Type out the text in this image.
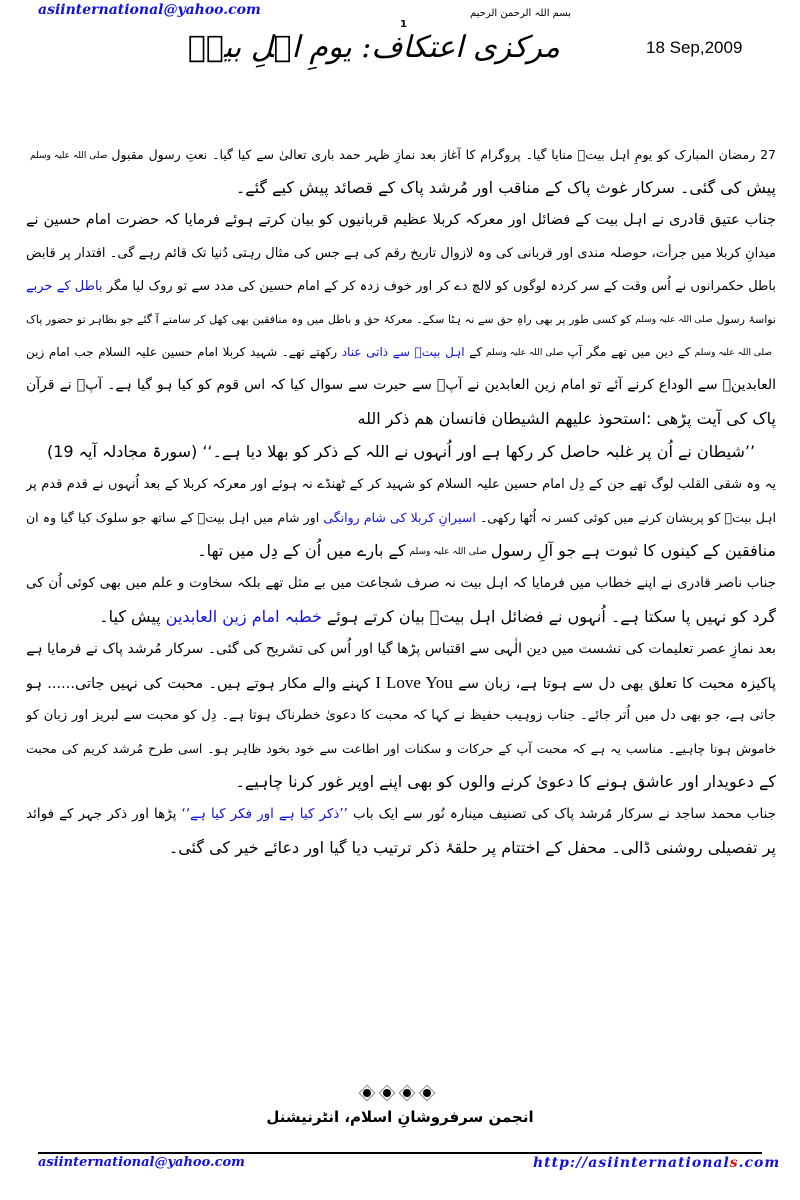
asiinternational@yahoo.com	بسم اللہ الرحمن الرحیم
1
مرکزی اعتکاف: یومِ اہلِ بیتؓ	18 Sep,2009
27 رمضان المبارک کو یومِ اہل بیتؓ منایا گیا۔ پروگرام کا آغاز بعد نمازِ ظہر حمد باری تعالیٰ سے کیا گیا۔ نعتِ رسول مقبولصلی اللہ علیہ وسلم
پیش کی گئی۔ سرکار غوث پاک کے مناقب اور مُرشد پاک کے قصائد پیش کیے گئے۔
جناب عتیق قادری نے اہل بیت کے فضائل اور معرکہ کربلا عظیم قربانیوں کو بیان کرتے ہوئے فرمایا کہ حضرت امام حسین نے
میدانِ کربلا میں جرأت، حوصلہ مندی اور قربانی کی وہ لازوال تاریخ رقم کی ہے جس کی مثال رہتی دُنیا تک قائم رہے گی۔ اقتدار پر قابض
باطل حکمرانوں نے اُس وقت کے سر کردہ لوگوں کو لالچ دے کر اور خوف زدہ کر کے امام حسین کی مدد سے تو روک لیا مگر باطل کے حربے
نواسۂ رسولصلی اللہ علیہ وسلمکو کسی طور پر بھی راہِ حق سے نہ ہٹا سکے۔ معرکۂ حق و باطل میں وہ منافقین بھی کھل کر سامنے آ گئے جو بظاہر تو حضور پاک
صلی اللہ علیہ وسلمکے دین میں تھے مگر آپصلی اللہ علیہ وسلمکے اہل بیتؓ سے ذاتی عناد رکھتے تھے۔ شہید کربلا امام حسین علیہ السلام جب امام زین
العابدینؓ سے الوداع کرنے آئے تو امام زین العابدین نے آپؓ سے حیرت سے سوال کیا کہ اس قوم کو کیا ہو گیا ہے۔ آپؓ نے قرآن
پاک کی آیت پڑھی :استحوذ علیهم الشیطان فانسان هم ذکر الله
’’شیطان نے اُن پر غلبہ حاصل کر رکھا ہے اور اُنہوں نے اللہ کے ذکر کو بھلا دیا ہے۔‘‘ (سورۃ مجادلہ آیہ 19)
یہ وہ شقی القلب لوگ تھے جن کے دِل امام حسین علیہ السلام کو شہید کر کے ٹھنڈے نہ ہوئے اور معرکہ کربلا کے بعد اُنہوں نے قدم قدم پر
اہل بیتؓ کو پریشان کرنے میں کوئی کسر نہ اُٹھا رکھی۔ اسیرانِ کربلا کی شام روانگی اور شام میں اہل بیتؓ کے ساتھ جو سلوک کیا گیا وہ ان
منافقین کے کینوں کا ثبوت ہے جو آلِ رسولصلی اللہ علیہ وسلمکے بارے میں اُن کے دِل میں تھا۔
جناب ناصر قادری نے اپنے خطاب میں فرمایا کہ اہل بیت نہ صرف شجاعت میں بے مثل تھے بلکہ سخاوت و علم میں بھی کوئی اُن کی
گرد کو نہیں پا سکتا ہے۔ اُنہوں نے فضائل اہل بیتؓ بیان کرتے ہوئے خطبہ امام زین العابدین پیش کیا۔
بعد نمازِ عصر تعلیمات کی نشست میں دین الٰہی سے اقتباس پڑھا گیا اور اُس کی تشریح کی گئی۔ سرکار مُرشد پاک نے فرمایا ہے
پاکیزہ محبت کا تعلق بھی دل سے ہوتا ہے، زبان سے I Love You کہنے والے مکار ہوتے ہیں۔ محبت کی نہیں جاتی...... ہو
جاتی ہے، جو بھی دل میں اُتر جائے۔ جناب زوہیب حفیظ نے کہا کہ محبت کا دعویٰ خطرناک ہوتا ہے۔ دِل کو محبت سے لبریز اور زبان کو
خاموش ہونا چاہیے۔ مناسب یہ ہے کہ محبت آپ کے حرکات و سکنات اور اطاعت سے خود بخود ظاہر ہو۔ اسی طرح مُرشد کریم کی محبت
کے دعویدار اور عاشق ہونے کا دعویٰ کرنے والوں کو بھی اپنے اوپر غور کرنا چاہیے۔
جناب محمد ساجد نے سرکار مُرشد پاک کی تصنیف مینارہ نُور سے ایک باب ’’ذکر کیا ہے اور فکر کیا ہے‘‘ پڑھا اور ذکر جہر کے فوائد
پر تفصیلی روشنی ڈالی۔ محفل کے اختتام پر حلقۂ ذکر ترتیب دیا گیا اور دعائے خیر کی گئی۔
انجمن سرفروشانِ اسلام، انٹرنیشنل
asiinternational@yahoo.com	http://asiinternationals.com
